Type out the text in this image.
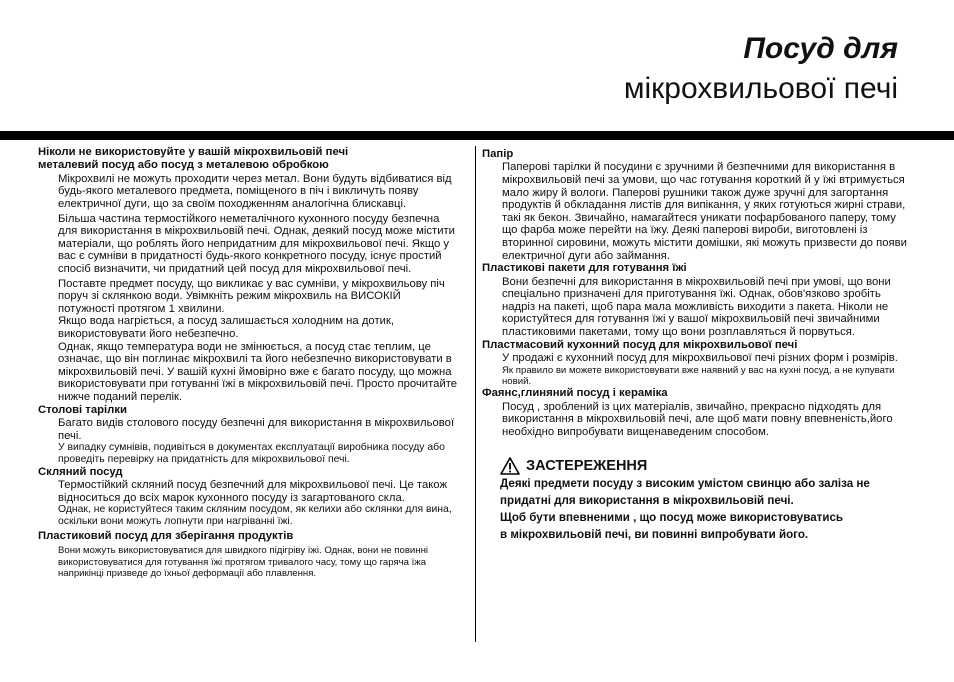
Посуд для
мікрохвильової печі

Ніколи не використовуйте у вашій мікрохвильовій печі

металевий посуд або посуд з металевою обробкою

Мікрохвилі не можуть проходити через метал. Вони будуть відбиватися від будь-якого металевого предмета, поміщеного в піч і викличуть появу електричної дуги, що за своїм походженням аналогічна блискавці.

Більша частина термостійкого неметалічного кухонного посуду безпечна для використання в мікрохвильовій печі. Однак, деякий посуд може містити матеріали, що роблять його непридатним для мікрохвильової печі. Якщо у вас є сумніви в придатності будь-якого конкретного посуду, існує простий спосіб визначити, чи придатний цей посуд для мікрохвильової печі.

Поставте предмет посуду, що викликає у вас сумніви, у мікрохвильову піч поруч зі склянкою води. Увімкніть режим мікрохвиль на ВИСОКІЙ потужності протягом 1 хвилини.

Якщо вода нагріється, а посуд залишається холодним на дотик, використовувати його небезпечно.

Однак, якщо температура води не змінюється, а посуд стає теплим, це означає, що він поглинає мікрохвилі та його небезпечно використовувати в мікрохвильовій печі. У вашій кухні ймовірно вже є багато посуду, що можна використовувати при готуванні їжі в мікрохвильовій печі. Просто прочитайте нижче поданий перелік.

Столові тарілки

Багато видів столового посуду безпечні для використання в мікрохвильової печі.

У випадку сумнівів, подивіться в документах експлуатації виробника посуду або проведіть перевірку на придатність для мікрохвильової печі.

Скляний посуд

Термостійкий скляний посуд безпечний для мікрохвильової печі. Це також відноситься до всіх марок кухонного посуду із загартованого скла.

Однак, не користуйтеся таким скляним посудом, як келихи або склянки для вина, оскільки вони можуть лопнути при нагріванні їжі.

Пластиковий посуд для зберігання продуктів

Вони можуть використовуватися для швидкого підігріву їжі. Однак, вони не повинні використовуватися для готування їжі протягом тривалого часу, тому що гаряча їжа наприкінці призведе до їхньої деформації або плавлення.

Папір

Паперові тарілки й посудини є зручними й безпечними для використання в мікрохвильовій печі за умови, що час готування короткий й у їжі втримується мало жиру й вологи. Паперові рушники також дуже зручні для загортання продуктів й обкладання листів для випікання, у яких готуються жирні страви, такі як бекон. Звичайно, намагайтеся уникати пофарбованого паперу, тому що фарба може перейти на їжу. Деякі паперові вироби, виготовлені із вторинної сировини, можуть містити домішки, які можуть призвести до появи електричної дуги або займання.

Пластикові пакети для готування їжі

Вони безпечні для використання в мікрохвильовій печі при умові, що вони спеціально призначені для приготування їжі. Однак, обов'язково зробіть надріз на пакеті, щоб пара мала можливість виходити з пакета. Ніколи не користуйтеся для готування їжі у вашої мікрохвильовій печі звичайними пластиковими пакетами, тому що вони розплавляться й порвуться.

Пластмасовий кухонний посуд для мікрохвильової печі

У продажі є кухонний посуд для мікрохвильової печі різних форм і розмірів.

Як правило ви можете використовувати вже наявний у вас на кухні посуд, а не купувати новий.

Фаянс,глиняний посуд і кераміка

Посуд , зроблений із цих матеріалів, звичайно, прекрасно підходять для використання в мікрохвильовій печі, але щоб мати повну впевненість,його необхідно випробувати вищенаведеним способом.

ЗАСТЕРЕЖЕННЯ

Деякі предмети посуду з високим умістом свинцю або заліза не

придатні для використання в мікрохвильовій печі.

Щоб бути впевненими , що посуд може використовуватись

в мікрохвильовій печі, ви повинні випробувати його.
